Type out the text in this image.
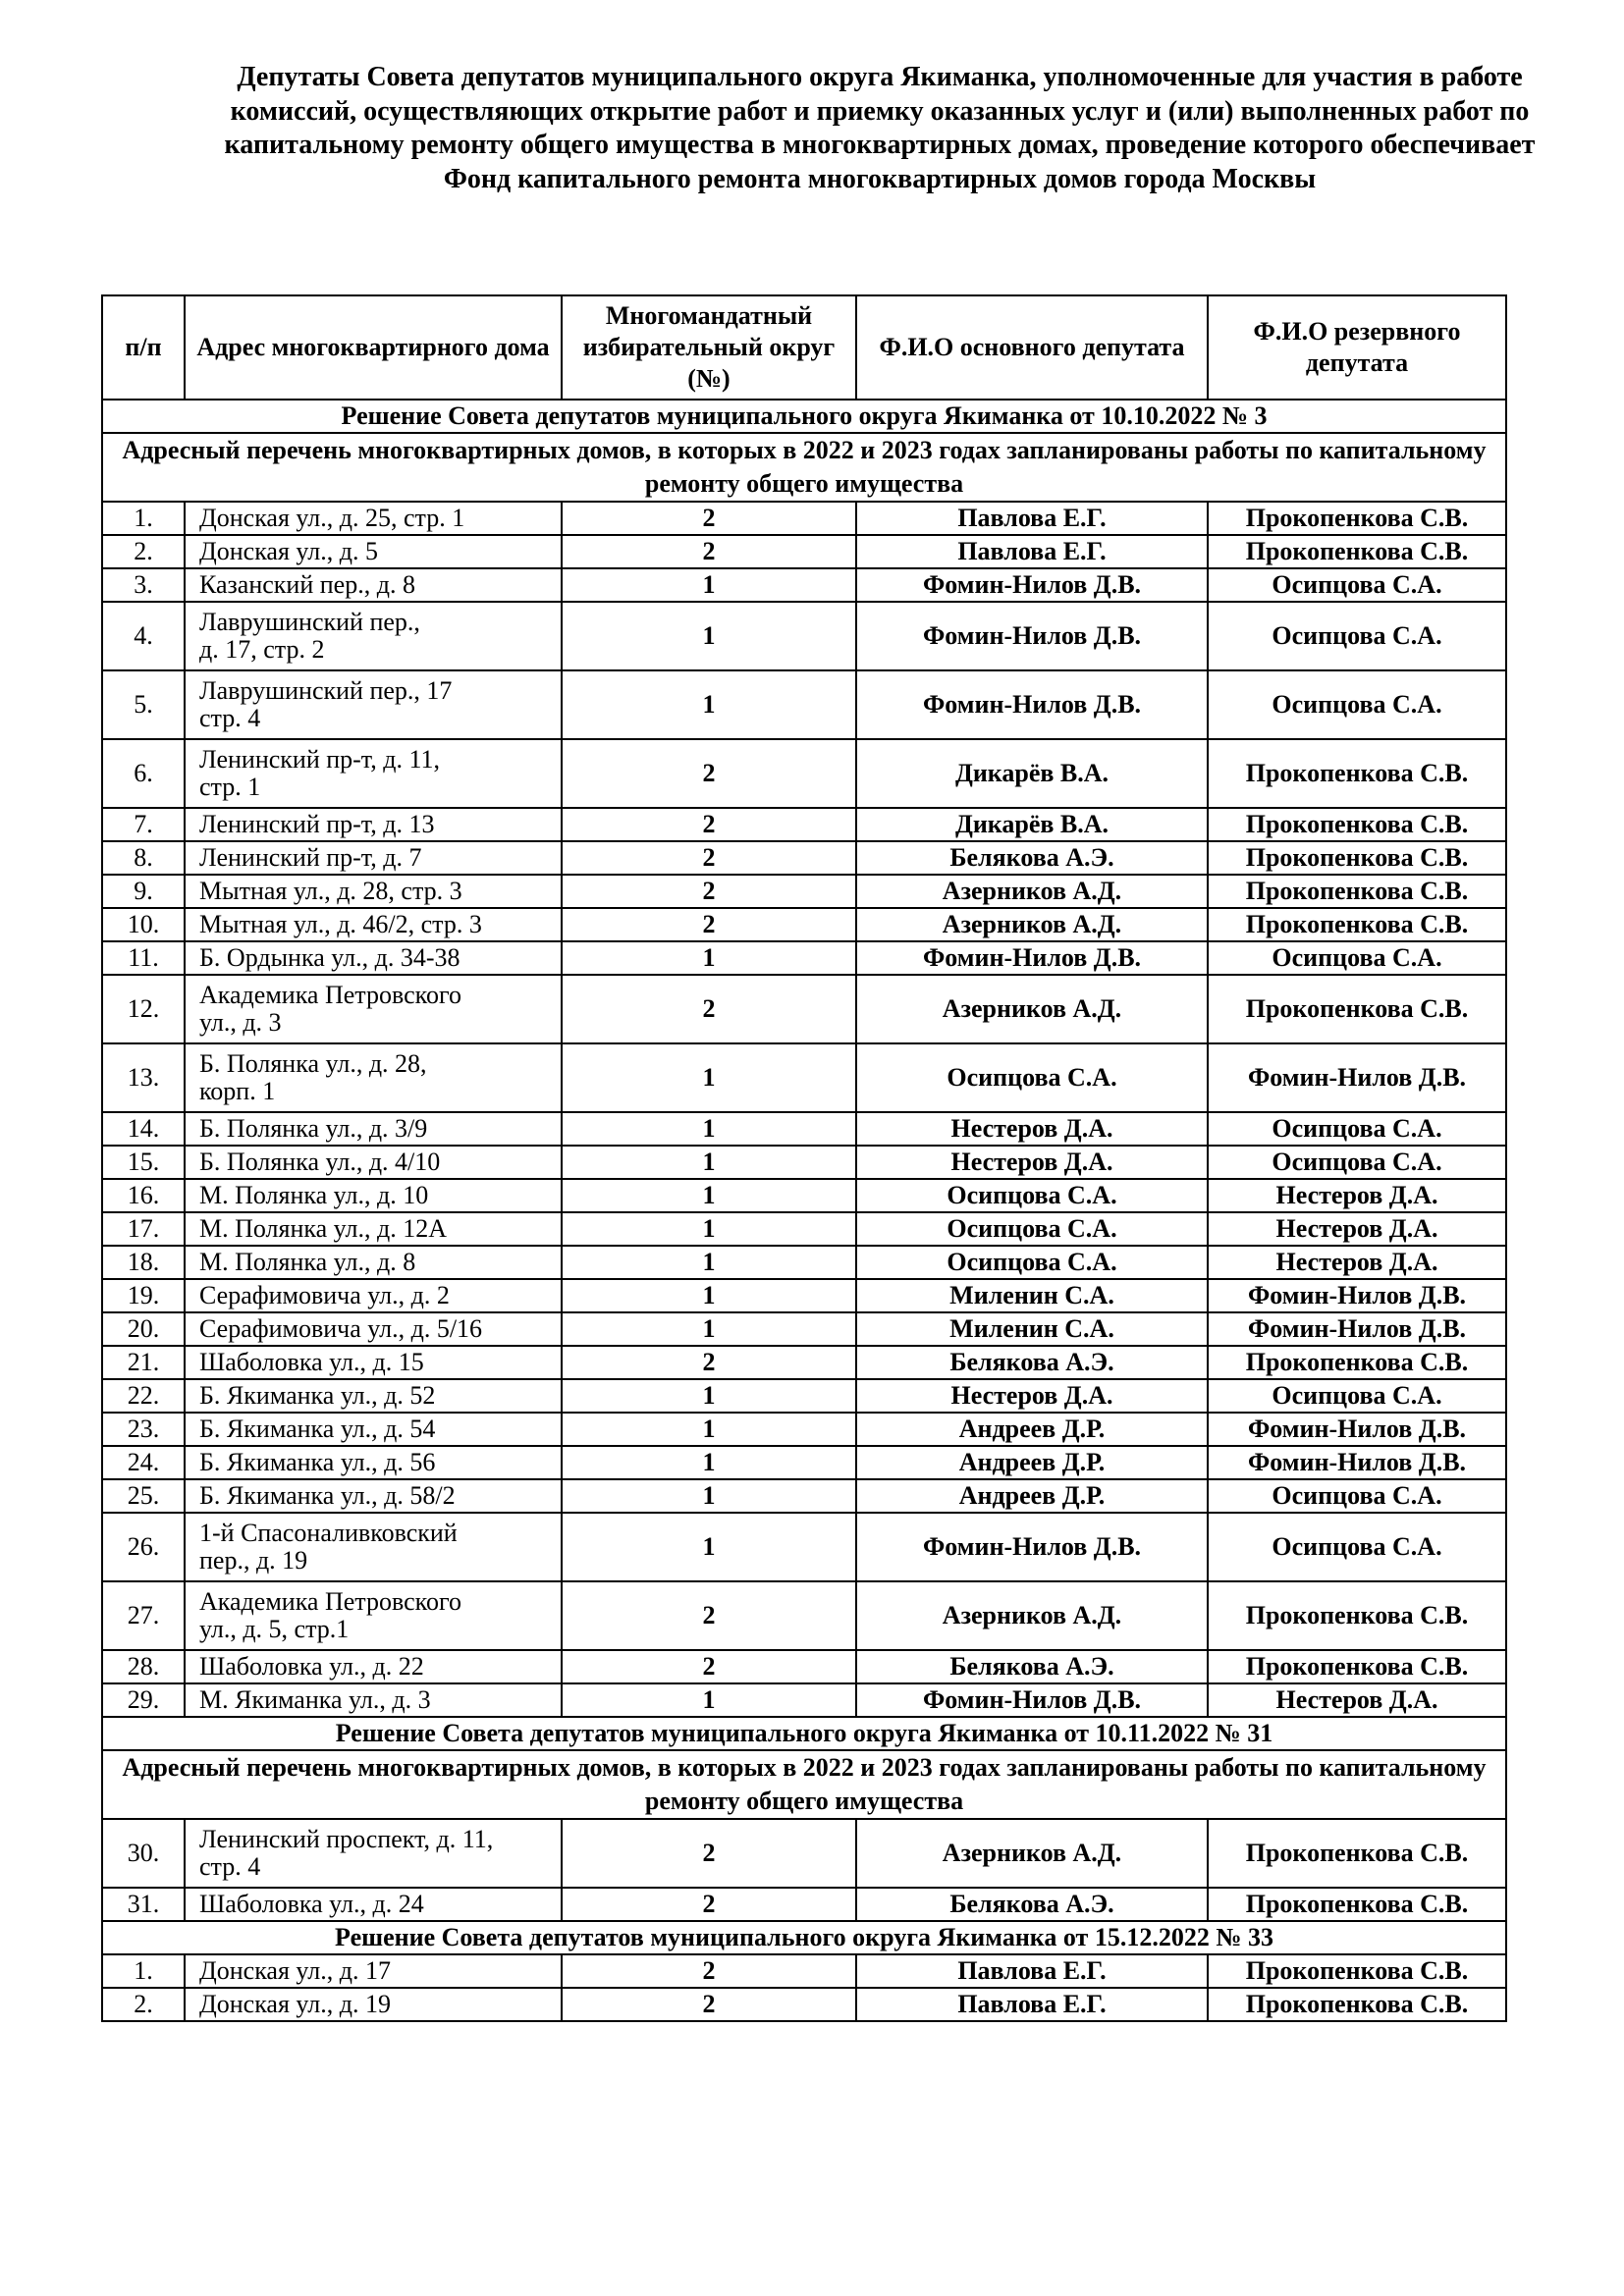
Депутаты Совета депутатов муниципального округа Якиманка, уполномоченные для участия в работе комиссий, осуществляющих открытие работ и приемку оказанных услуг и (или) выполненных работ по капитальному ремонту общего имущества в многоквартирных домах, проведение которого обеспечивает Фонд капитального ремонта многоквартирных домов города Москвы
п/п	Адрес многоквартирного дома	Многомандатный избирательный округ (№)	Ф.И.О основного депутата	Ф.И.О резервного депутата
Решение Совета депутатов муниципального округа Якиманка от 10.10.2022 № 3				
Адресный перечень многоквартирных домов, в которых в 2022 и 2023 годах запланированы работы по капитальному ремонту общего имущества				
1.	Донская ул., д. 25, стр. 1	2	Павлова Е.Г.	Прокопенкова С.В.
2.	Донская ул., д. 5	2	Павлова Е.Г.	Прокопенкова С.В.
3.	Казанский пер., д. 8	1	Фомин-Нилов Д.В.	Осипцова С.А.
4.	Лаврушинский пер.,
д. 17, стр. 2	1	Фомин-Нилов Д.В.	Осипцова С.А.
5.	Лаврушинский пер., 17
стр. 4	1	Фомин-Нилов Д.В.	Осипцова С.А.
6.	Ленинский пр-т, д. 11,
стр. 1	2	Дикарёв В.А.	Прокопенкова С.В.
7.	Ленинский пр-т, д. 13	2	Дикарёв В.А.	Прокопенкова С.В.
8.	Ленинский пр-т, д. 7	2	Белякова А.Э.	Прокопенкова С.В.
9.	Мытная ул., д. 28, стр. 3	2	Азерников А.Д.	Прокопенкова С.В.
10.	Мытная ул., д. 46/2, стр. 3	2	Азерников А.Д.	Прокопенкова С.В.
11.	Б. Ордынка ул., д. 34-38	1	Фомин-Нилов Д.В.	Осипцова С.А.
12.	Академика Петровского
ул., д. 3	2	Азерников А.Д.	Прокопенкова С.В.
13.	Б. Полянка ул., д. 28,
корп. 1	1	Осипцова С.А.	Фомин-Нилов Д.В.
14.	Б. Полянка ул., д. 3/9	1	Нестеров Д.А.	Осипцова С.А.
15.	Б. Полянка ул., д. 4/10	1	Нестеров Д.А.	Осипцова С.А.
16.	М. Полянка ул., д. 10	1	Осипцова С.А.	Нестеров Д.А.
17.	М. Полянка ул., д. 12А	1	Осипцова С.А.	Нестеров Д.А.
18.	М. Полянка ул., д. 8	1	Осипцова С.А.	Нестеров Д.А.
19.	Серафимовича ул., д. 2	1	Миленин С.А.	Фомин-Нилов Д.В.
20.	Серафимовича ул., д. 5/16	1	Миленин С.А.	Фомин-Нилов Д.В.
21.	Шаболовка ул., д. 15	2	Белякова А.Э.	Прокопенкова С.В.
22.	Б. Якиманка ул., д. 52	1	Нестеров Д.А.	Осипцова С.А.
23.	Б. Якиманка ул., д. 54	1	Андреев Д.Р.	Фомин-Нилов Д.В.
24.	Б. Якиманка ул., д. 56	1	Андреев Д.Р.	Фомин-Нилов Д.В.
25.	Б. Якиманка ул., д. 58/2	1	Андреев Д.Р.	Осипцова С.А.
26.	1-й Спасоналивковский
пер., д. 19	1	Фомин-Нилов Д.В.	Осипцова С.А.
27.	Академика Петровского
ул., д. 5, стр.1	2	Азерников А.Д.	Прокопенкова С.В.
28.	Шаболовка ул., д. 22	2	Белякова А.Э.	Прокопенкова С.В.
29.	М. Якиманка ул., д. 3	1	Фомин-Нилов Д.В.	Нестеров Д.А.
Решение Совета депутатов муниципального округа Якиманка от 10.11.2022 № 31				
Адресный перечень многоквартирных домов, в которых в 2022 и 2023 годах запланированы работы по капитальному ремонту общего имущества				
30.	Ленинский проспект, д. 11,
стр. 4	2	Азерников А.Д.	Прокопенкова С.В.
31.	Шаболовка ул., д. 24	2	Белякова А.Э.	Прокопенкова С.В.
Решение Совета депутатов муниципального округа Якиманка от 15.12.2022 № 33				
1.	Донская ул., д. 17	2	Павлова Е.Г.	Прокопенкова С.В.
2.	Донская ул., д. 19	2	Павлова Е.Г.	Прокопенкова С.В.
